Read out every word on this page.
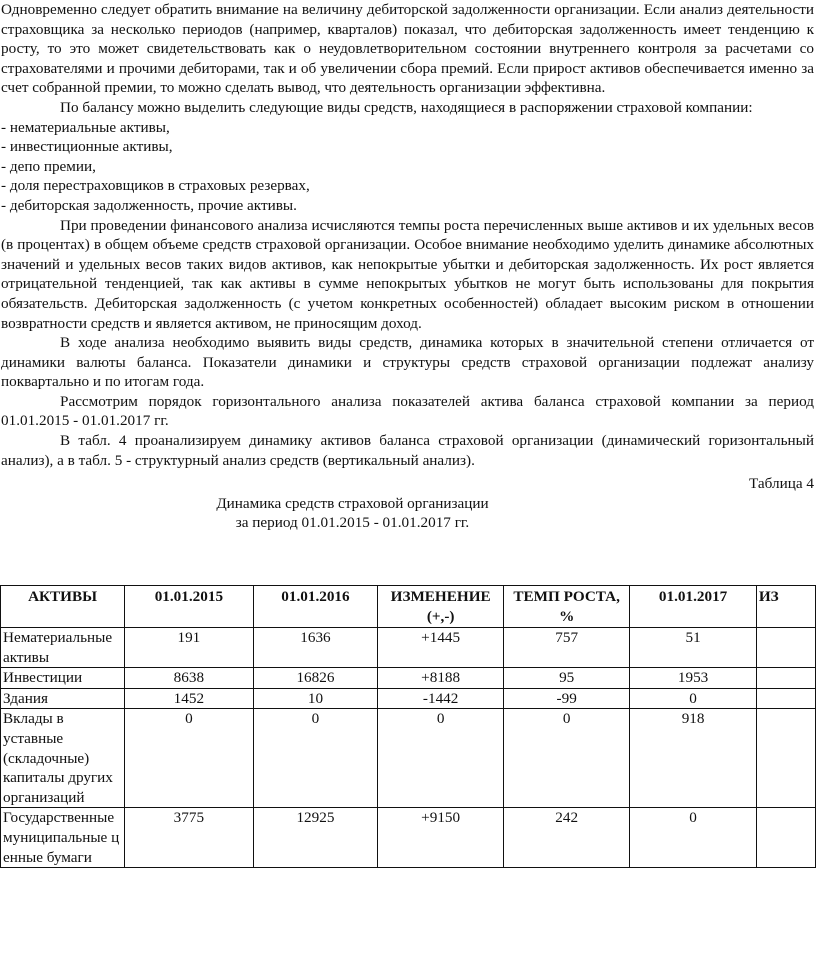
Одновременно следует обратить внимание на величину дебиторской задолженности организации. Если анализ деятельности страховщика за несколько периодов (например, кварталов) показал, что дебиторская задолженность имеет тенденцию к росту, то это может свидетельствовать как о неудовлетворительном состоянии внутреннего контроля за расчетами со страхователями и прочими дебиторами, так и об увеличении сбора премий. Если прирост активов обеспечивается именно за счет собранной премии, то можно сделать вывод, что деятельность организации эффективна.

По балансу можно выделить следующие виды средств, находящиеся в распоряжении страховой компании:

- нематериальные активы,
- инвестиционные активы,
- депо премии,
- доля перестраховщиков в страховых резервах,
- дебиторская задолженность, прочие активы.

При проведении финансового анализа исчисляются темпы роста перечисленных выше активов и их удельных весов (в процентах) в общем объеме средств страховой организации. Особое внимание необходимо уделить динамике абсолютных значений и удельных весов таких видов активов, как непокрытые убытки и дебиторская задолженность. Их рост является отрицательной тенденцией, так как активы в сумме непокрытых убытков не могут быть использованы для покрытия обязательств. Дебиторская задолженность (с учетом конкретных особенностей) обладает высоким риском в отношении возвратности средств и является активом, не приносящим доход.

В ходе анализа необходимо выявить виды средств, динамика которых в значительной степени отличается от динамики валюты баланса. Показатели динамики и структуры средств страховой организации подлежат анализу поквартально и по итогам года.

Рассмотрим порядок горизонтального анализа показателей актива баланса страховой компании за период 01.01.2015 - 01.01.2017 гг.

В табл. 4 проанализируем динамику активов баланса страховой организации (динамический горизонтальный анализ), а в табл. 5 - структурный анализ средств (вертикальный анализ).

Таблица 4
Динамика средств страховой организации
за период 01.01.2015 - 01.01.2017 гг.
АКТИВЫ	01.01.2015	01.01.2016	ИЗМЕНЕНИЕ (+,-)	ТЕМП РОСТА, %	01.01.2017	ИЗ
Нематериальные активы	191	1636	+1445	757	51	
Инвестиции	8638	16826	+8188	95	1953	
Здания	1452	10	-1442	-99	0	
Вклады в уставные (складочные) капиталы других организаций	0	0	0	0	918	
Государственные муниципальные ценные бумаги	3775	12925	+9150	242	0	
